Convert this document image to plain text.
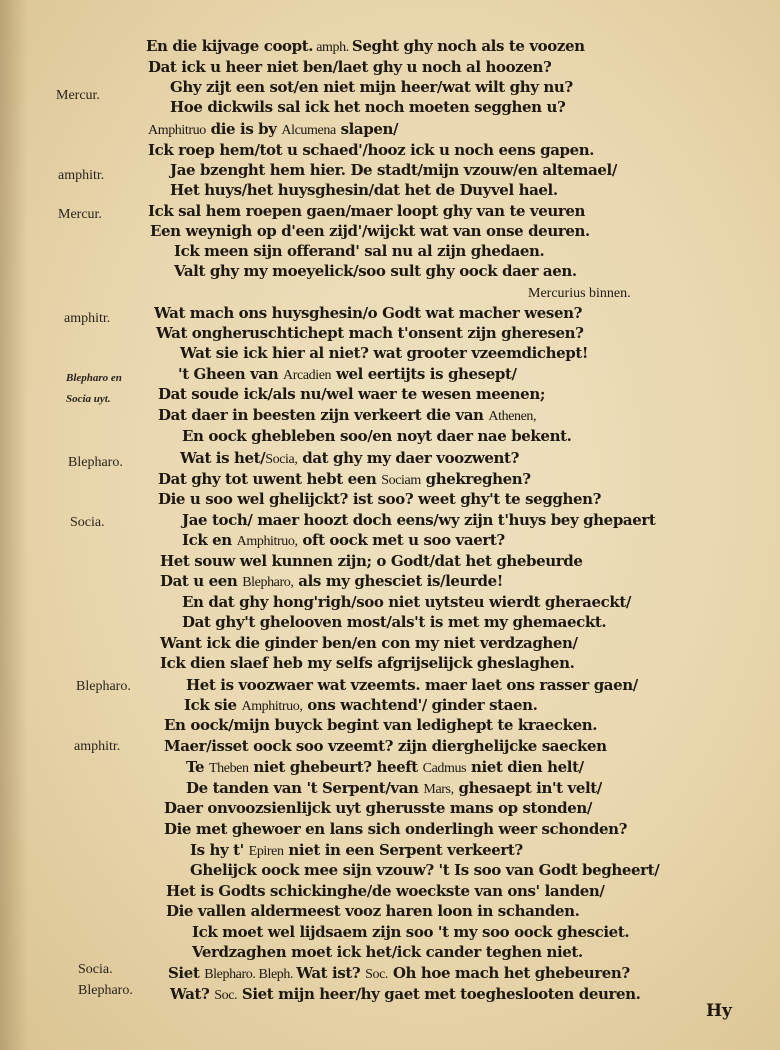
Mercur.
amphitr.
Mercur.
amphitr.
Blepharo en
Socia uyt.
Blepharo.
Socia.
Blepharo.
amphitr.
Socia.
Blepharo.
En die kijvage coopt. amph. Seght ghy noch als te voozen
Dat ick u heer niet ben/laet ghy u noch al hoozen?
Ghy zijt een sot/en niet mijn heer/wat wilt ghy nu?
Hoe dickwils sal ick het noch moeten segghen u?
Amphitruo die is by Alcumena slapen/
Ick roep hem/tot u schaed'/hooz ick u noch eens gapen.
Jae bzenght hem hier. De stadt/mijn vzouw/en altemael/
Het huys/het huysghesin/dat het de Duyvel hael.
Ick sal hem roepen gaen/maer loopt ghy van te veuren
Een weynigh op d'een zijd'/wijckt wat van onse deuren.
Ick meen sijn offerand' sal nu al zijn ghedaen.
Valt ghy my moeyelick/soo sult ghy oock daer aen.
Mercurius binnen.
Wat mach ons huysghesin/o Godt wat macher wesen?
Wat ongheruschtichept mach t'onsent zijn gheresen?
Wat sie ick hier al niet? wat grooter vzeemdichept!
't Gheen van Arcadien wel eertijts is ghesept/
Dat soude ick/als nu/wel waer te wesen meenen;
Dat daer in beesten zijn verkeert die van Athenen,
En oock ghebleben soo/en noyt daer nae bekent.
Wat is het/Socia, dat ghy my daer voozwent?
Dat ghy tot uwent hebt een Sociam ghekreghen?
Die u soo wel ghelijckt? ist soo? weet ghy't te segghen?
Jae toch/ maer hoozt doch eens/wy zijn t'huys bey ghepaert
Ick en Amphitruo, oft oock met u soo vaert?
Het souw wel kunnen zijn; o Godt/dat het ghebeurde
Dat u een Blepharo, als my ghesciet is/leurde!
En dat ghy hong'righ/soo niet uytsteu wierdt gheraeckt/
Dat ghy't ghelooven most/als't is met my ghemaeckt.
Want ick die ginder ben/en con my niet verdzaghen/
Ick dien slaef heb my selfs afgrijselijck gheslaghen.
Het is voozwaer wat vzeemts. maer laet ons rasser gaen/
Ick sie Amphitruo, ons wachtend'/ ginder staen.
En oock/mijn buyck begint van ledighept te kraecken.
Maer/isset oock soo vzeemt? zijn dierghelijcke saecken
Te Theben niet ghebeurt? heeft Cadmus niet dien helt/
De tanden van 't Serpent/van Mars, ghesaept in't velt/
Daer onvoozsienlijck uyt gherusste mans op stonden/
Die met ghewoer en lans sich onderlingh weer schonden?
Is hy t' Epiren niet in een Serpent verkeert?
Ghelijck oock mee sijn vzouw? 't Is soo van Godt begheert/
Het is Godts schickinghe/de woeckste van ons' landen/
Die vallen aldermeest vooz haren loon in schanden.
Ick moet wel lijdsaem zijn soo 't my soo oock ghesciet.
Verdzaghen moet ick het/ick cander teghen niet.
Siet Blepharo. Bleph. Wat ist? Soc. Oh hoe mach het ghebeuren?
Wat? Soc. Siet mijn heer/hy gaet met toegheslooten deuren.
Hy
